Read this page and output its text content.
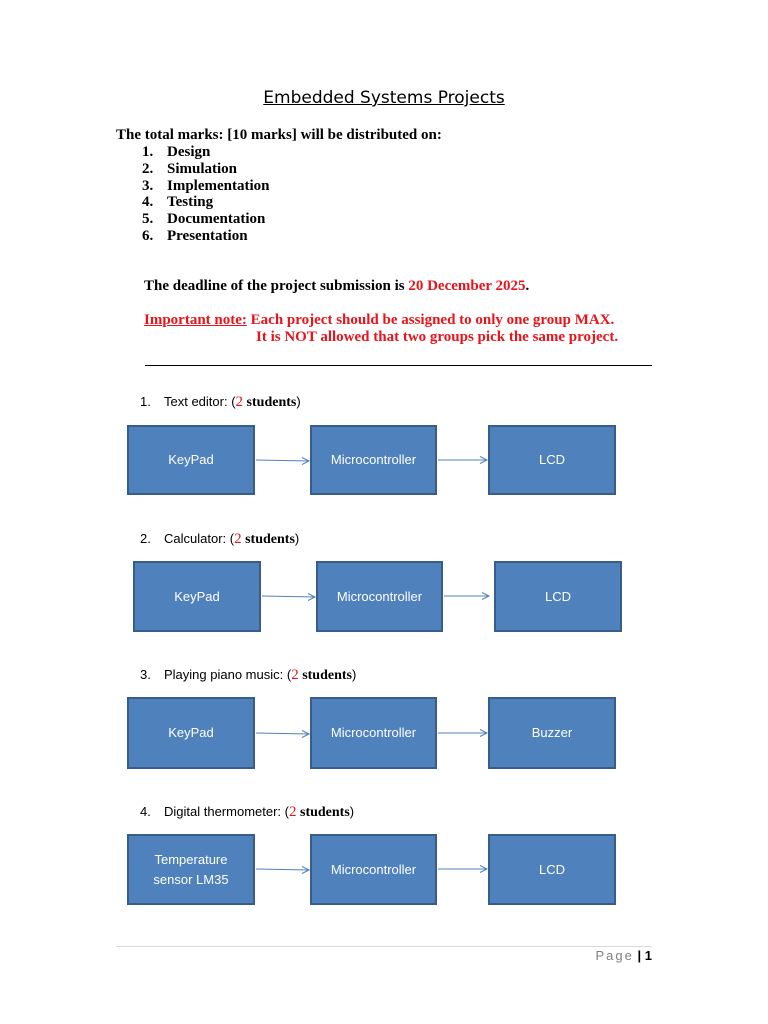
Embedded Systems Projects
The total marks: [10 marks] will be distributed on:
1. Design
2. Simulation
3. Implementation
4. Testing
5. Documentation
6. Presentation
The deadline of the project submission is 20 December 2025.
Important note: Each project should be assigned to only one group MAX.
It is NOT allowed that two groups pick the same project.
1. Text editor: (2 students)
KeyPad	Microcontroller	LCD
2. Calculator: (2 students)
KeyPad	Microcontroller	LCD
3. Playing piano music: (2 students)
KeyPad	Microcontroller	Buzzer
4. Digital thermometer: (2 students)
Temperature
sensor LM35
Microcontroller	LCD
Page | 1
